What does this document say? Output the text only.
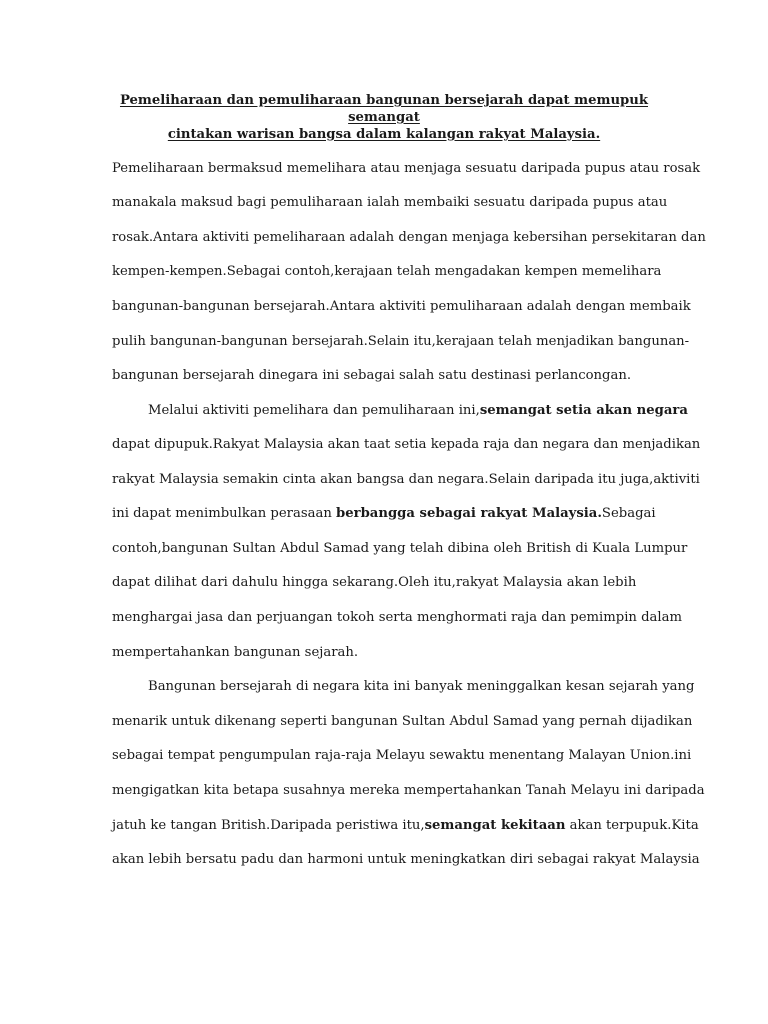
Pemeliharaan dan pemuliharaan bangunan bersejarah dapat memupuk semangat
cintakan warisan bangsa dalam kalangan rakyat Malaysia.
Pemeliharaan bermaksud memelihara atau menjaga sesuatu daripada pupus atau rosak
manakala maksud bagi pemuliharaan ialah membaiki sesuatu daripada pupus atau
rosak.Antara aktiviti pemeliharaan adalah dengan menjaga kebersihan persekitaran dan
kempen-kempen.Sebagai contoh,kerajaan telah mengadakan kempen memelihara
bangunan-bangunan bersejarah.Antara aktiviti pemuliharaan adalah dengan membaik
pulih bangunan-bangunan bersejarah.Selain itu,kerajaan telah menjadikan bangunan-
bangunan bersejarah dinegara ini sebagai salah satu destinasi perlancongan.
Melalui aktiviti pemelihara dan pemuliharaan ini,semangat setia akan negara
dapat dipupuk.Rakyat Malaysia akan taat setia kepada raja dan negara dan menjadikan
rakyat Malaysia semakin cinta akan bangsa dan negara.Selain daripada itu juga,aktiviti
ini dapat menimbulkan perasaan berbangga sebagai rakyat Malaysia.Sebagai
contoh,bangunan Sultan Abdul Samad yang telah dibina oleh British di Kuala Lumpur
dapat dilihat dari dahulu hingga sekarang.Oleh itu,rakyat Malaysia akan lebih
menghargai jasa dan perjuangan tokoh serta menghormati raja dan pemimpin dalam
mempertahankan bangunan sejarah.
Bangunan bersejarah di negara kita ini banyak meninggalkan kesan sejarah yang
menarik untuk dikenang seperti bangunan Sultan Abdul Samad yang pernah dijadikan
sebagai tempat pengumpulan raja-raja Melayu sewaktu menentang Malayan Union.ini
mengigatkan kita betapa susahnya mereka mempertahankan Tanah Melayu ini daripada
jatuh ke tangan British.Daripada peristiwa itu,semangat kekitaan akan terpupuk.Kita
akan lebih bersatu padu dan harmoni untuk meningkatkan diri sebagai rakyat Malaysia
